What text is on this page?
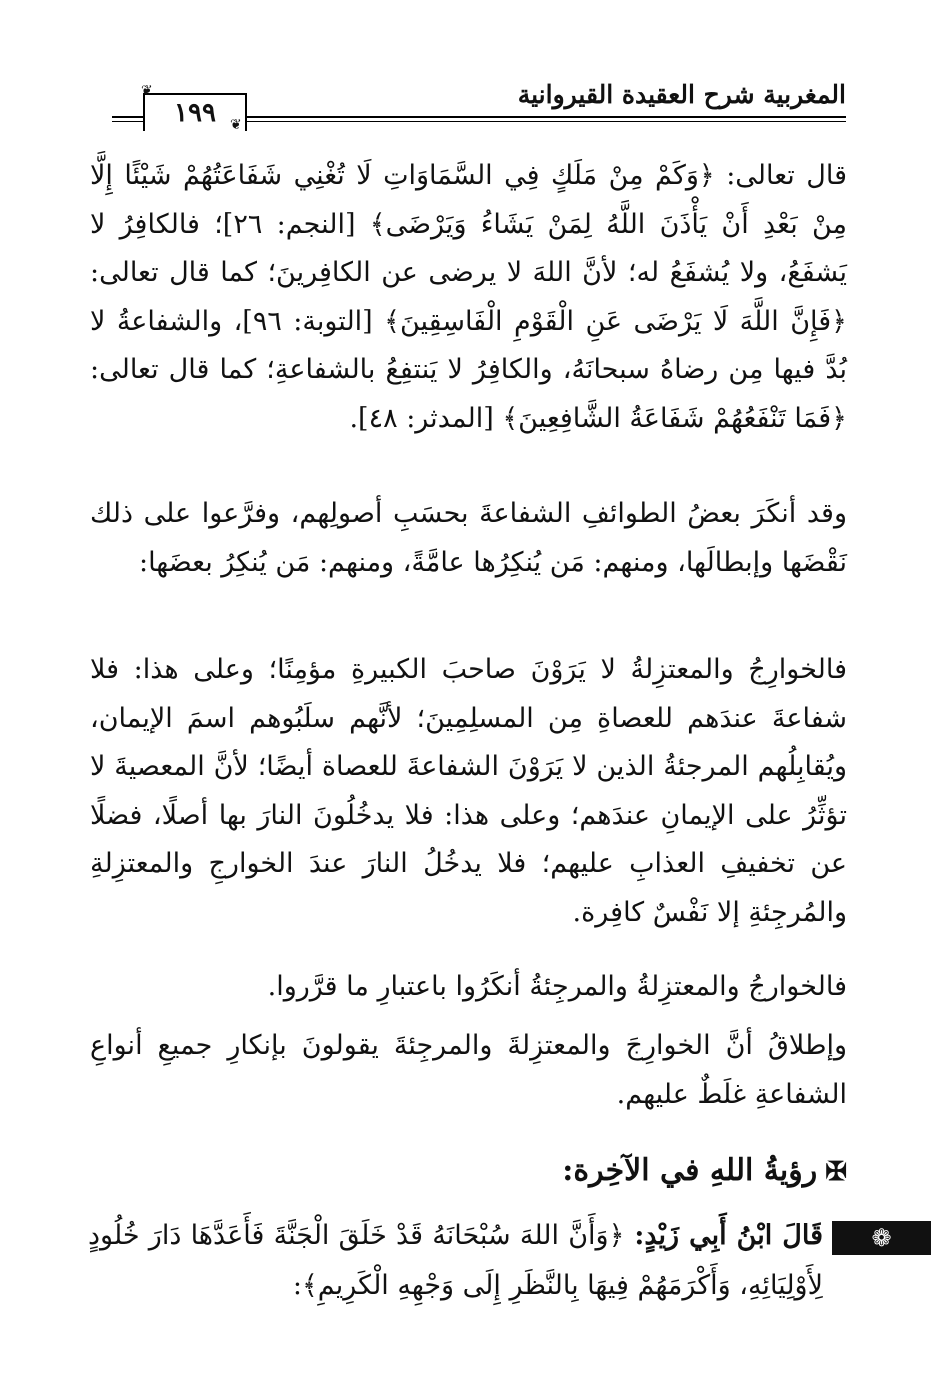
المغربية شرح العقيدة القيروانية
١٩٩
❦
❦

قال تعالى: ﴿وَكَمْ مِنْ مَلَكٍ فِي السَّمَاوَاتِ لَا تُغْنِي شَفَاعَتُهُمْ شَيْئًا إِلَّا مِنْ بَعْدِ أَنْ يَأْذَنَ اللَّهُ لِمَنْ يَشَاءُ وَيَرْضَى﴾ [النجم: ٢٦]؛ فالكافِرُ لا يَشفَعُ، ولا يُشفَعُ له؛ لأنَّ اللهَ لا يرضى عن الكافِرينَ؛ كما قال تعالى: ﴿فَإِنَّ اللَّهَ لَا يَرْضَى عَنِ الْقَوْمِ الْفَاسِقِينَ﴾ [التوبة: ٩٦]، والشفاعةُ لا بُدَّ فيها مِن رضاهُ سبحانَهُ، والكافِرُ لا يَنتفِعُ بالشفاعةِ؛ كما قال تعالى: ﴿فَمَا تَنْفَعُهُمْ شَفَاعَةُ الشَّافِعِينَ﴾ [المدثر: ٤٨].

وقد أنكَرَ بعضُ الطوائفِ الشفاعةَ بحسَبِ أصولِهم، وفرَّعوا على ذلك نَقْضَها وإبطالَها، ومنهم: مَن يُنكِرُها عامَّةً، ومنهم: مَن يُنكِرُ بعضَها:

فالخوارِجُ والمعتزِلةُ لا يَرَوْنَ صاحبَ الكبيرةِ مؤمِنًا؛ وعلى هذا: فلا شفاعةَ عندَهم للعصاةِ مِن المسلِمِينَ؛ لأنَّهم سلَبُوهم اسمَ الإيمان، ويُقابِلُهم المرجئةُ الذين لا يَرَوْنَ الشفاعةَ للعصاة أيضًا؛ لأنَّ المعصيةَ لا تؤثِّرُ على الإيمانِ عندَهم؛ وعلى هذا: فلا يدخُلُونَ النارَ بها أصلًا، فضلًا عن تخفيفِ العذابِ عليهم؛ فلا يدخُلُ النارَ عندَ الخوارجِ والمعتزِلةِ والمُرجِئةِ إلا نَفْسٌ كافِرة.

فالخوارجُ والمعتزِلةُ والمرجِئةُ أنكَرُوا باعتبارِ ما قرَّروا.

وإطلاقُ أنَّ الخوارِجَ والمعتزِلةَ والمرجِئةَ يقولونَ بإنكارِ جميعِ أنواعِ الشفاعةِ غلَطٌ عليهم.

✠رؤيةُ اللهِ في الآخِرة:
❁

قَالَ ابْنُ أَبِي زَيْدٍ:﴿وَأَنَّ اللهَ سُبْحَانَهُ قَدْ خَلَقَ الْجَنَّةَ فَأَعَدَّهَا دَارَ خُلُودٍ لِأَوْلِيَائِهِ، وَأَكْرَمَهُمْ فِيهَا بِالنَّظَرِ إِلَى وَجْهِهِ الْكَرِيمِ﴾:
